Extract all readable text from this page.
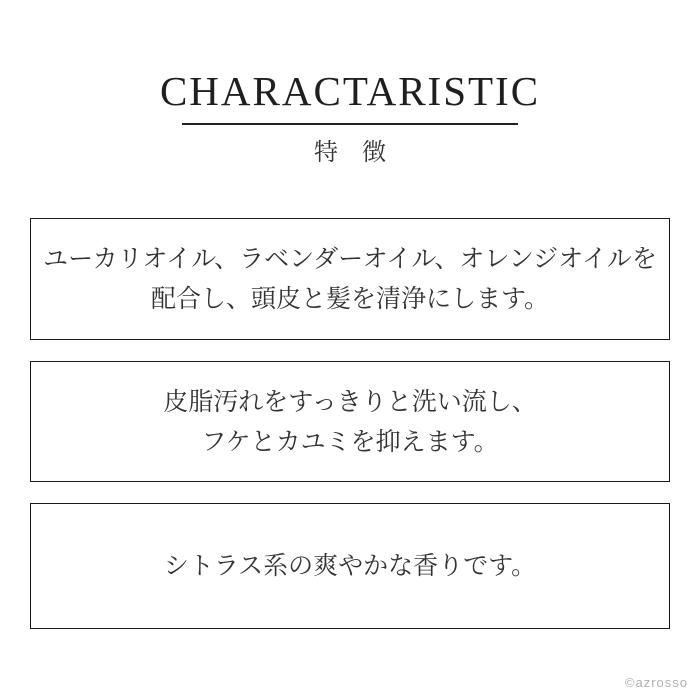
CHARACTARISTIC
特徴
ユーカリオイル、ラベンダーオイル、オレンジオイルを
配合し、頭皮と髪を清浄にします。
皮脂汚れをすっきりと洗い流し、
フケとカユミを抑えます。
シトラス系の爽やかな香りです。
©azrosso
